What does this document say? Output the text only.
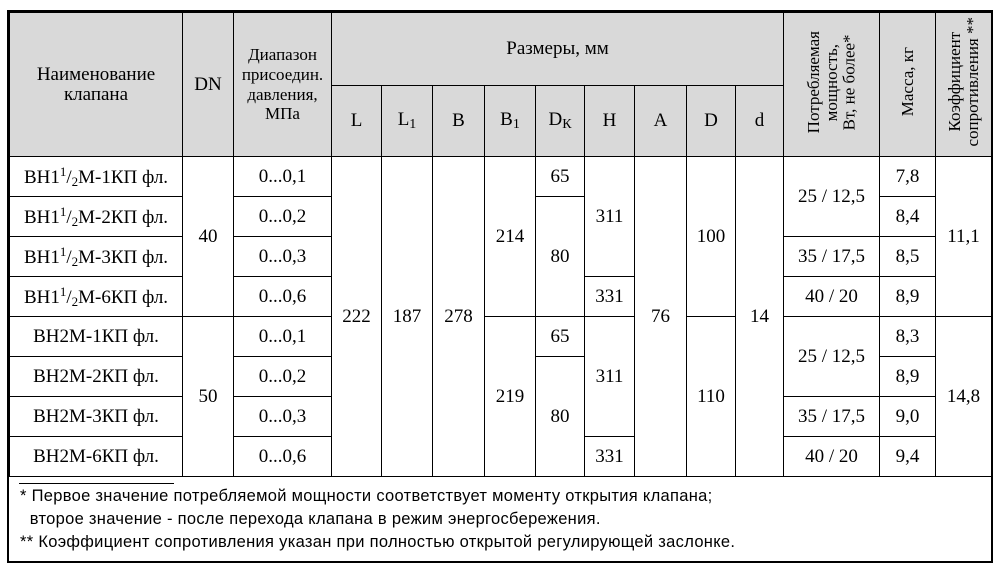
Наименование клапана	DN	Диапазон
присоедин.
давления,
МПа	Размеры, мм									Потребляемая
мощность,
Вт, не более*	Масса, кг	Коэффициент
сопротивления **
			L	$L_1$	B	$B_1$	$D_К$	H	A	D	d			
$ВН1^1/2М-1КП$ фл.	40	0...0,1	222	187	278	214	65	311	76	100	14	25 / 12,5	7,8	11,1
$ВН1^1/2М-2КП$ фл.		0...0,2					80						8,4	
$ВН1^1/2М-3КП$ фл.		0...0,3										35 / 17,5	8,5	
$ВН1^1/2М-6КП$ фл.		0...0,6						331				40 / 20	8,9	
ВН2М-1КП фл.	50	0...0,1				219	65	311		110		25 / 12,5	8,3	14,8
ВН2М-2КП фл.		0...0,2					80						8,9	
ВН2М-3КП фл.		0...0,3										35 / 17,5	9,0	
ВН2М-6КП фл.		0...0,6						331				40 / 20	9,4	
* Первое значение потребляемой мощности соответствует моменту открытия клапана;
второе значение - после перехода клапана в режим энергосбережения.
** Коэффициент сопротивления указан при полностью открытой регулирующей заслонке.
